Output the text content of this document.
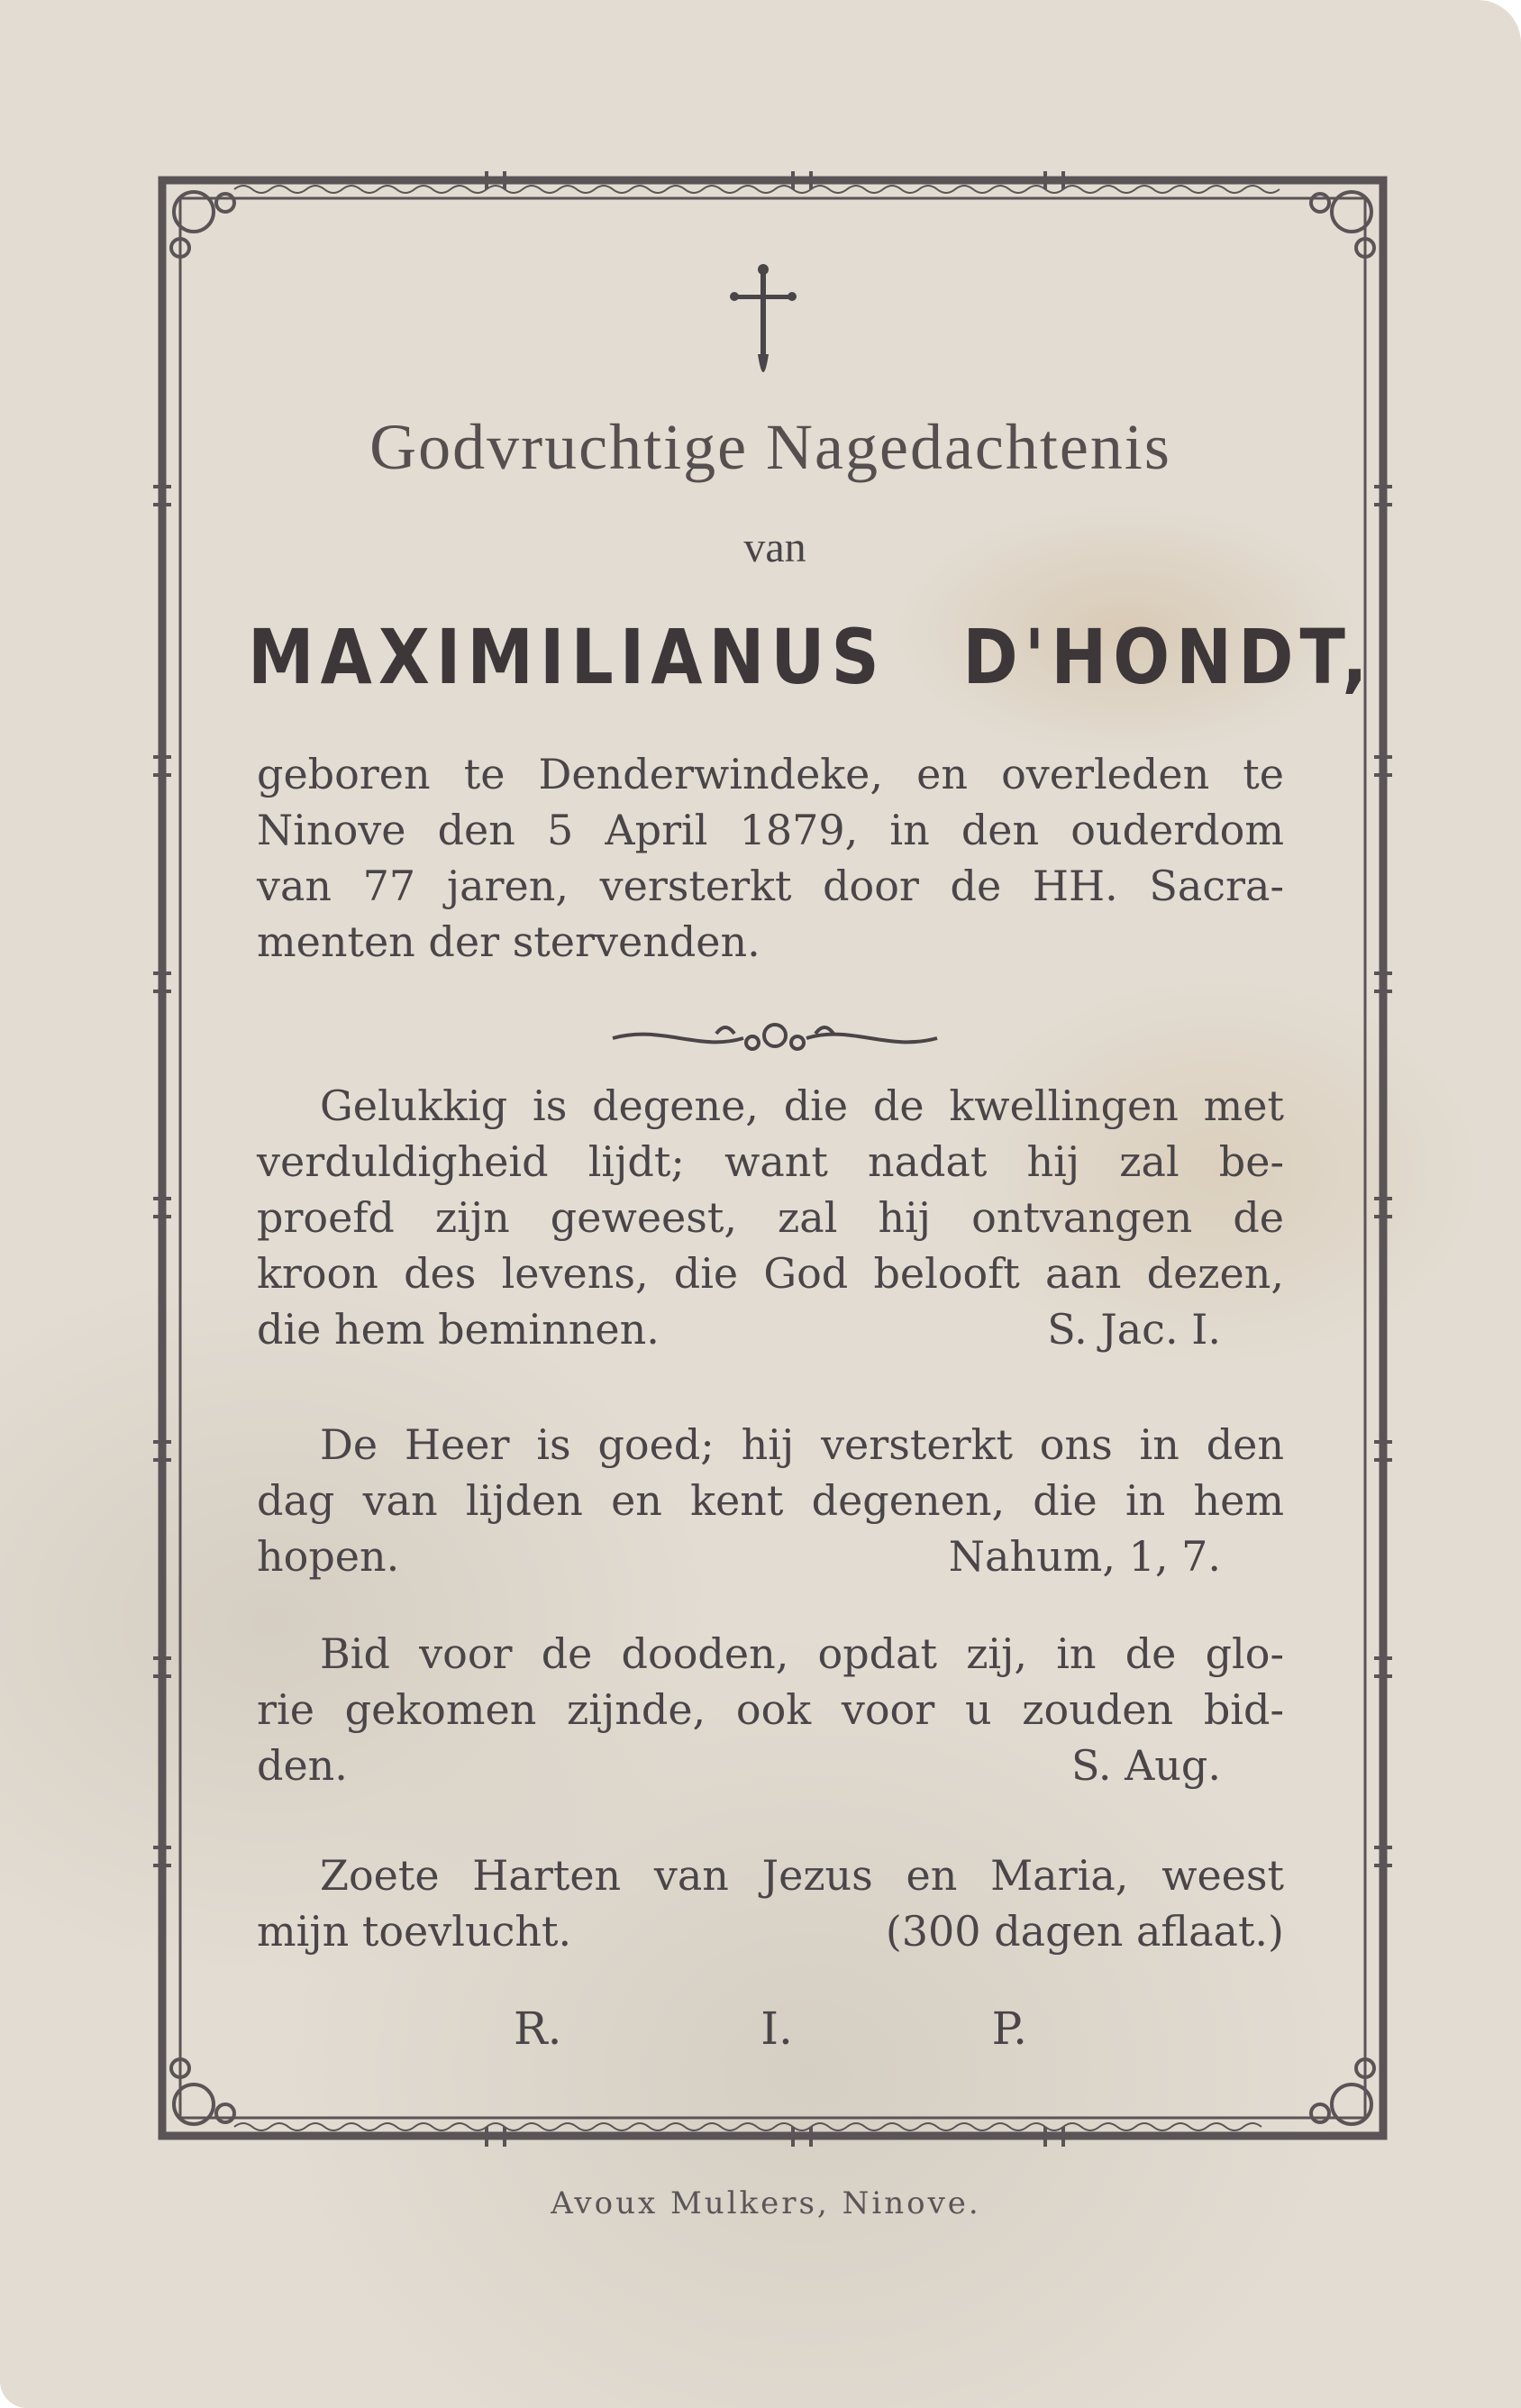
Godvruchtige Nagedachtenis
van
MAXIMILIANUS D'HONDT,
geboren te Denderwindeke, en overleden te
Ninove den 5 April 1879, in den ouderdom
van 77 jaren, versterkt door de HH. Sacra-
menten der stervenden.
Gelukkig is degene, die de kwellingen met
verduldigheid lijdt; want nadat hij zal be-
proefd zijn geweest, zal hij ontvangen de
kroon des levens, die God belooft aan dezen,
die hem beminnen.	S. Jac. I.
De Heer is goed; hij versterkt ons in den
dag van lijden en kent degenen, die in hem
hopen.	Nahum, 1, 7.
Bid voor de dooden, opdat zij, in de glo-
rie gekomen zijnde, ook voor u zouden bid-
den.	S. Aug.
Zoete Harten van Jezus en Maria, weest
mijn toevlucht.	(300 dagen aflaat.)
R.	I.	P.
Avoux Mulkers, Ninove.
